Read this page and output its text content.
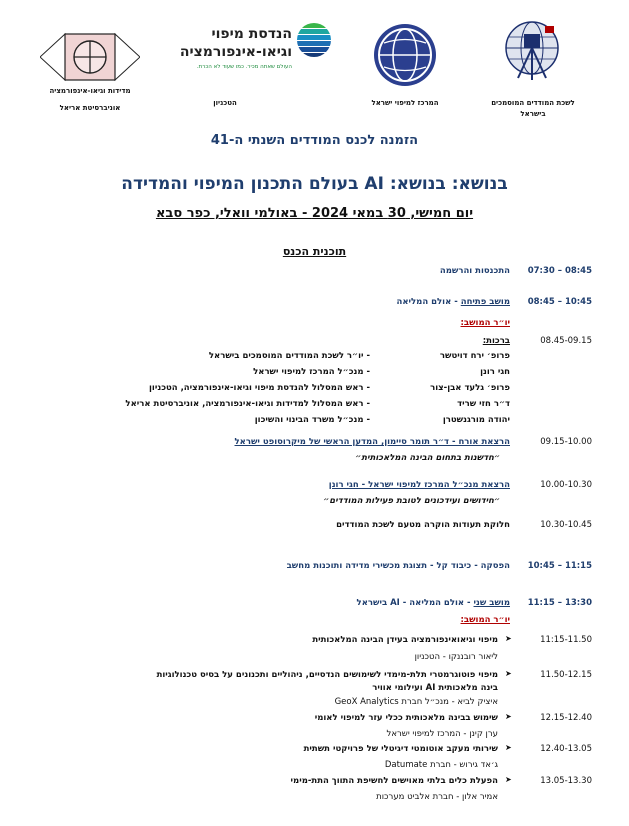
מדידות וגיאו-אינפורמציה
אוניברסיטת אריאל
הנדסת מיפוי
וגיאו-אינפורמציה
העולם שאתה מכיר. כמו שעוד לא הכרת.
הטכניון	המרכז למיפוי ישראל	לשכת המודדים המוסמכים
בישראל
הזמנה לכנס המודדים השנתי ה-41
בנושא: בנושא: AI בעולם התכנון המיפוי והמדידה
יום חמישי, 30 במאי 2024 - באולמי וואלי, כפר סבא
תוכנית הכנס
07:30 – 08:45
התכנסות והרשמה
08:45 – 10:45
מושב פתיחה - אולם המליאה
יו״ר המושב:
08.45-09.15
ברכות:
פרופ׳ ירח דויטשר
- יו״ר לשכת המודדים המוסמכים בישראל
חגי רונן
- מנכ״ל המרכז למיפוי ישראל
פרופ׳ גלעד אבן-צור
- ראש המסלול להנדסת מיפוי וגיאו-אינפורמציה, הטכניון
ד״ר חזי שריד
- ראש המסלול למדידות וגיאו-אינפורמציה, אוניברסיטת אריאל
יהודה מורגנשטרן
- מנכ״ל משרד הבינוי והשיכון
09.15-10.00
הרצאת אורח - ד״ר תומר סיימון, המדען הראשי של מיקרוסופט ישראל
״חדשנות בתחום הבינה המלאכותית״
10.00-10.30
הרצאת מנכ״ל המרכז למיפוי ישראל - חגי רונן
״חידושים ועידכונים לטובת פעילות המודדים״
10.30-10.45
חלוקת תעודות הוקרה מטעם לשכת המודדים
10:45 – 11:15
הפסקה - כיבוד קל - תצוגת מכשירי מדידה ותוכנות מחשב
11:15 – 13:30
מושב שני - אולם המליאה - AI בישראל
יו״ר המושב:
11:15-11.50
➤
מיפוי וגיאואינפורמציה בעידן הבינה המלאכותית
ליאור רובננקו - הטכניון
11.50-12.15
➤
מיפוי פוטוגרמטרי תלת-מימדי לשימושים הנדסיים, ניהוליים ותכנונים על בסיס טכנולוגיות
בינה מלאכותית AI ועילומי אוויר
איציק לביא - מנכ״ל חברת GeoX Analytics
12.15-12.40
➤
שימוש בבינה מלאכותית ככלי עזר למיפוי לאומי
ערן קינן - המרכז למיפוי ישראל
12.40-13.05
➤
שירותי מעקב אוטומטי דיגיטלי של פרויקטי תשתית
ג׳אד גירוש - חברת Datumate
13.05-13.30
➤
הפעלת כלים בלתי מאוישים לחשיפת התווך התת-מימי
אמיר אלון - חברת אלביט מערכות
